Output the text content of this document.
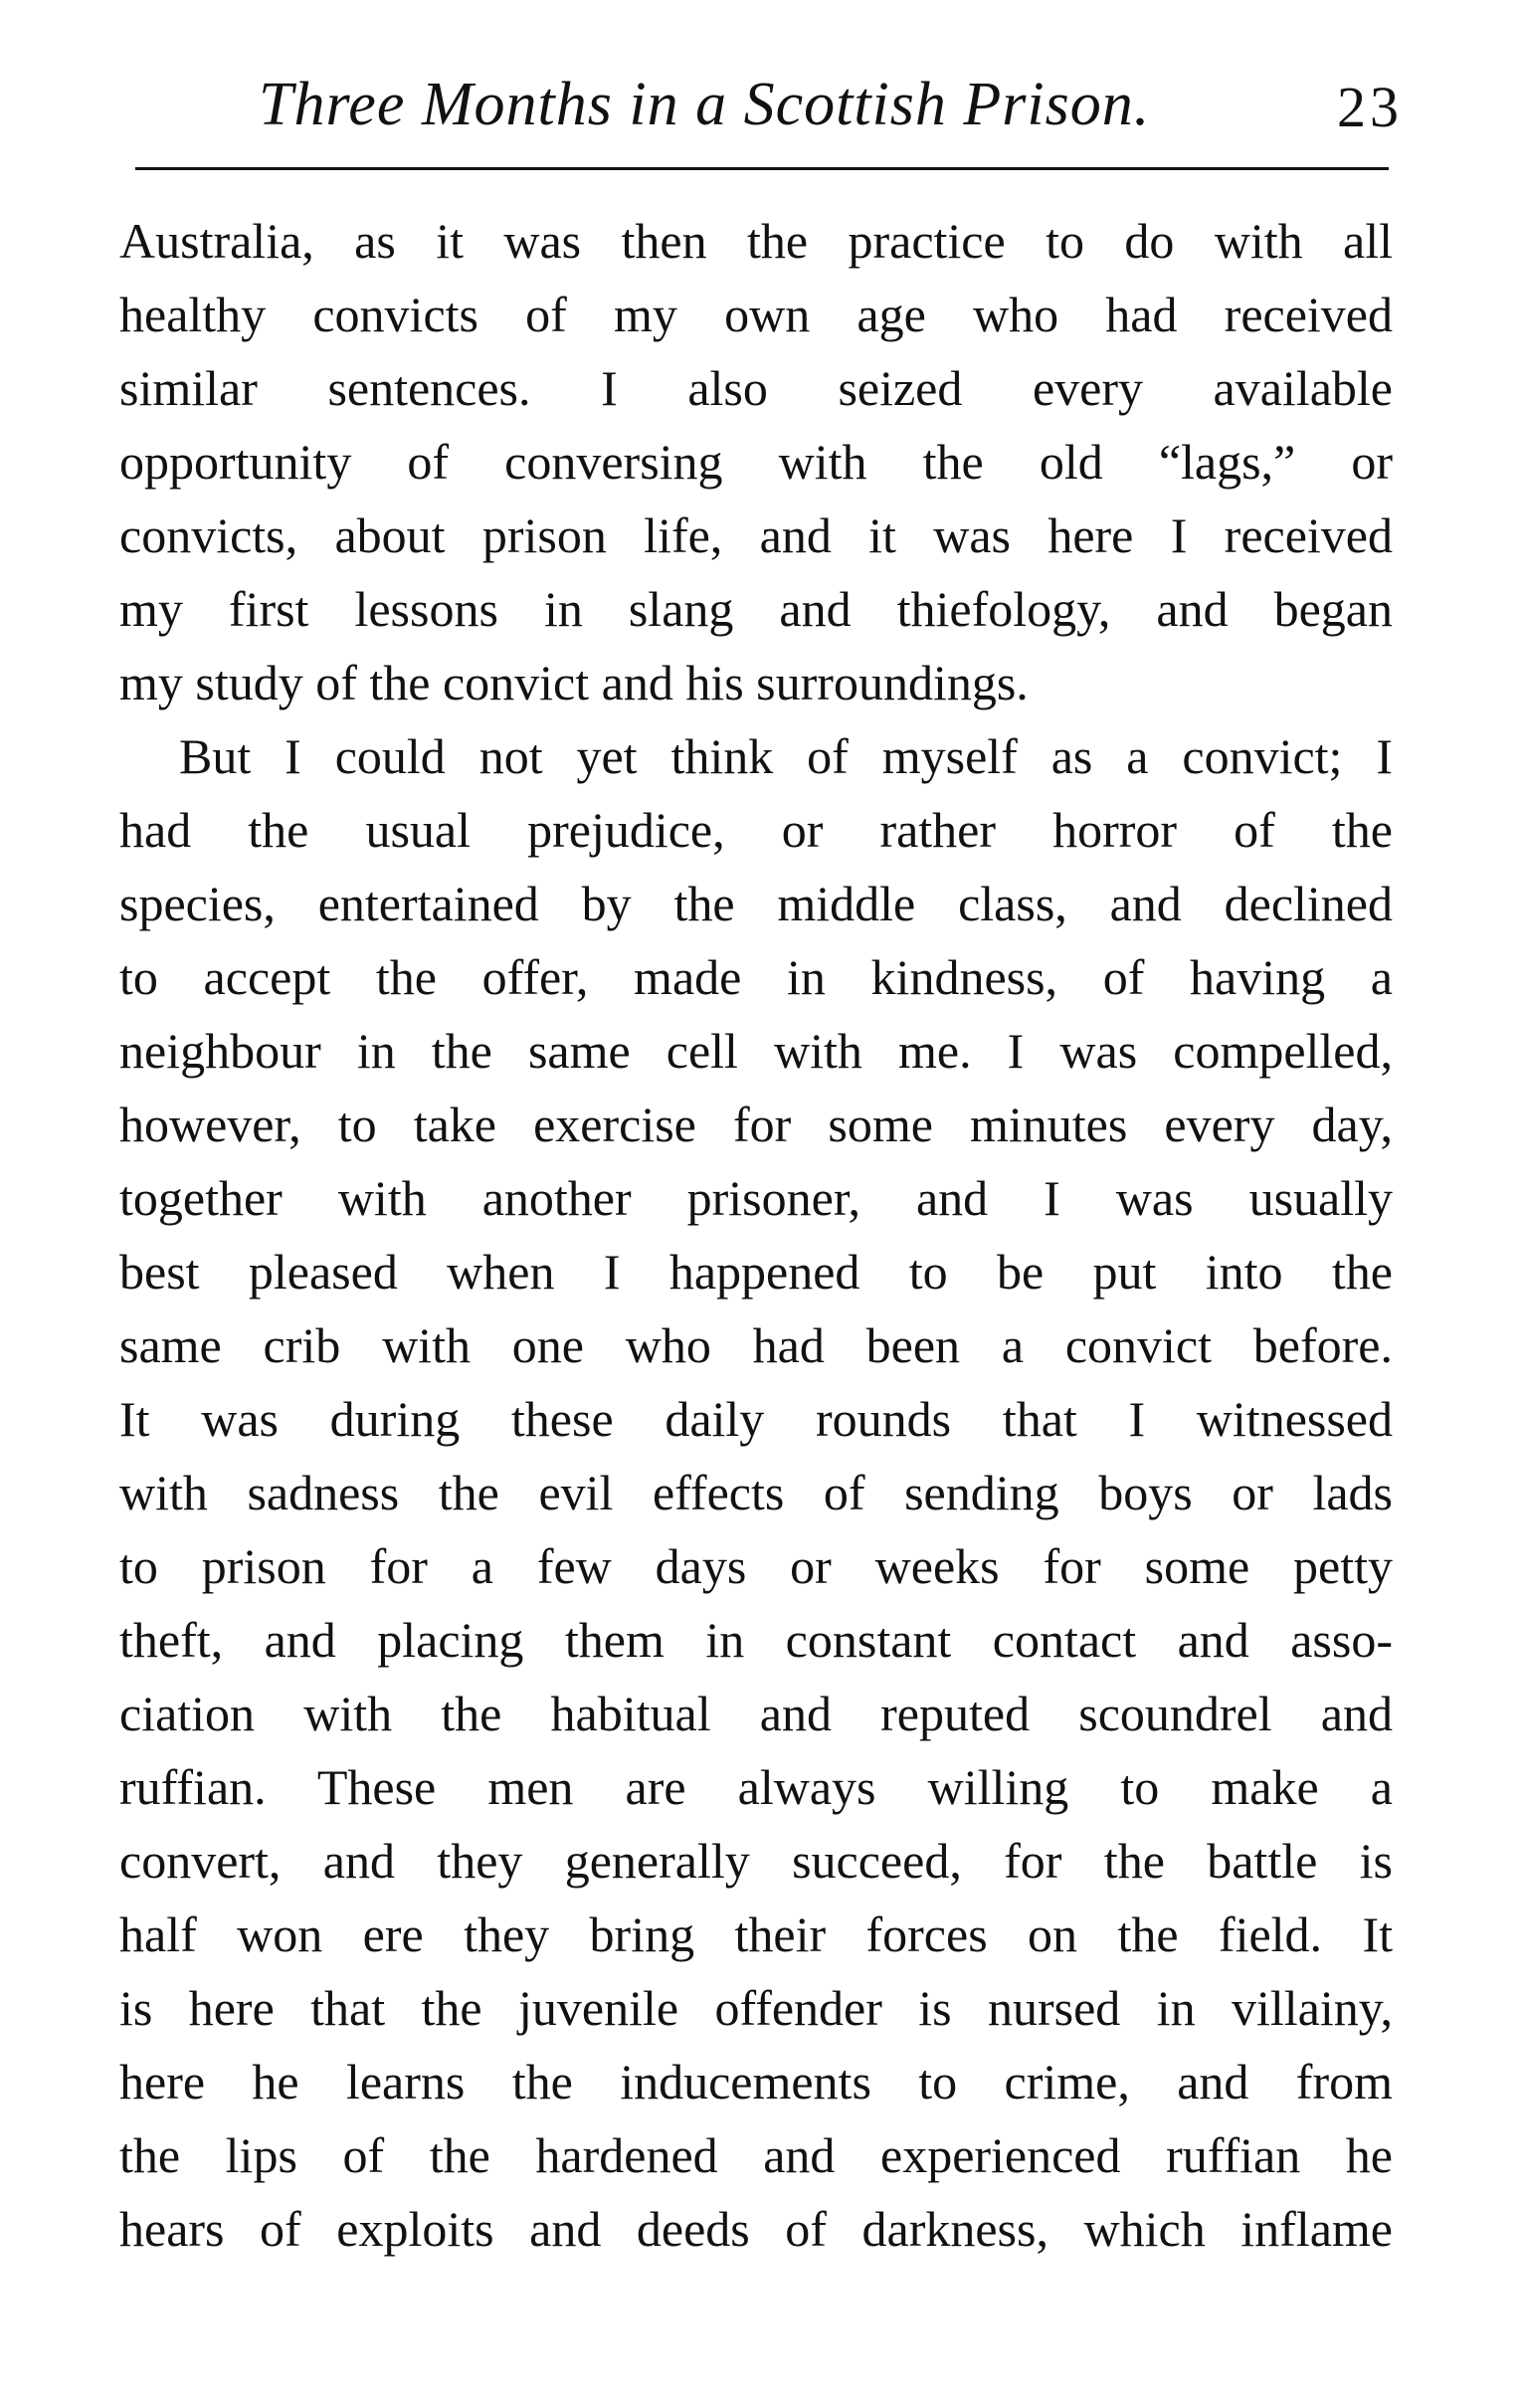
Three Months in a Scottish Prison.	23
Australia, as it was then the practice to do with all
healthy convicts of my own age who had received
similar sentences. I also seized every available
opportunity of conversing with the old “lags,” or
convicts, about prison life, and it was here I received
my first lessons in slang and thiefology, and began
my study of the convict and his surroundings.
But I could not yet think of myself as a convict; I
had the usual prejudice, or rather horror of the
species, entertained by the middle class, and declined
to accept the offer, made in kindness, of having a
neighbour in the same cell with me. I was compelled,
however, to take exercise for some minutes every day,
together with another prisoner, and I was usually
best pleased when I happened to be put into the
same crib with one who had been a convict before.
It was during these daily rounds that I witnessed
with sadness the evil effects of sending boys or lads
to prison for a few days or weeks for some petty
theft, and placing them in constant contact and asso-
ciation with the habitual and reputed scoundrel and
ruffian. These men are always willing to make a
convert, and they generally succeed, for the battle is
half won ere they bring their forces on the field. It
is here that the juvenile offender is nursed in villainy,
here he learns the inducements to crime, and from
the lips of the hardened and experienced ruffian he
hears of exploits and deeds of darkness, which inflame
